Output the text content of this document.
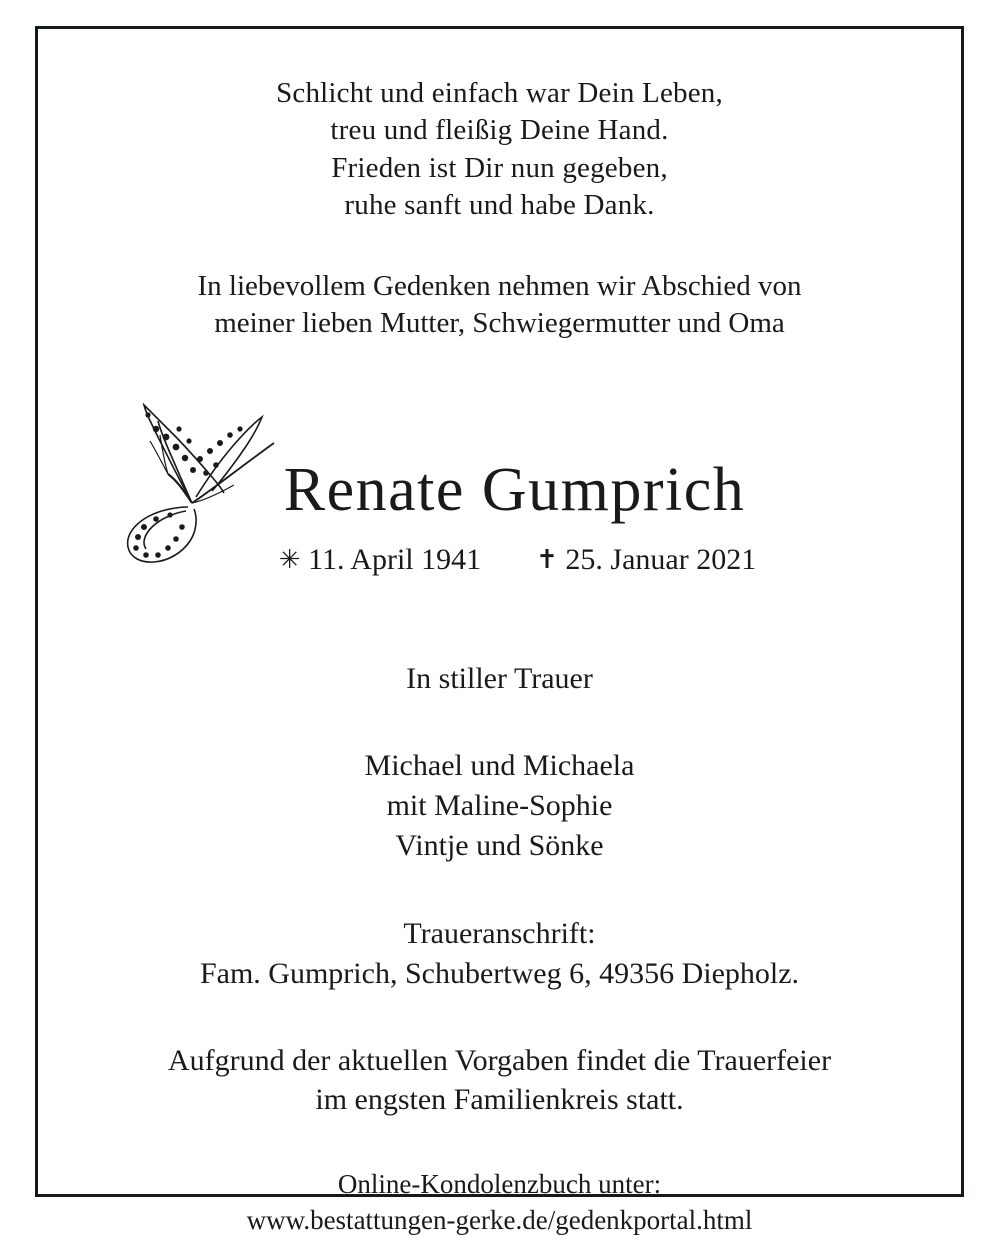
Schlicht und einfach war Dein Leben,
treu und fleißig Deine Hand.
Frieden ist Dir nun gegeben,
ruhe sanft und habe Dank.
In liebevollem Gedenken nehmen wir Abschied von
meiner lieben Mutter, Schwiegermutter und Oma
Renate Gumprich
✳ 11. April 1941 ✝ 25. Januar 2021
In stiller Trauer
Michael und Michaela
mit Maline-Sophie
Vintje und Sönke
Traueranschrift:
Fam. Gumprich, Schubertweg 6, 49356 Diepholz.
Aufgrund der aktuellen Vorgaben findet die Trauerfeier
im engsten Familienkreis statt.
Online-Kondolenzbuch unter:
www.bestattungen-gerke.de/gedenkportal.html
